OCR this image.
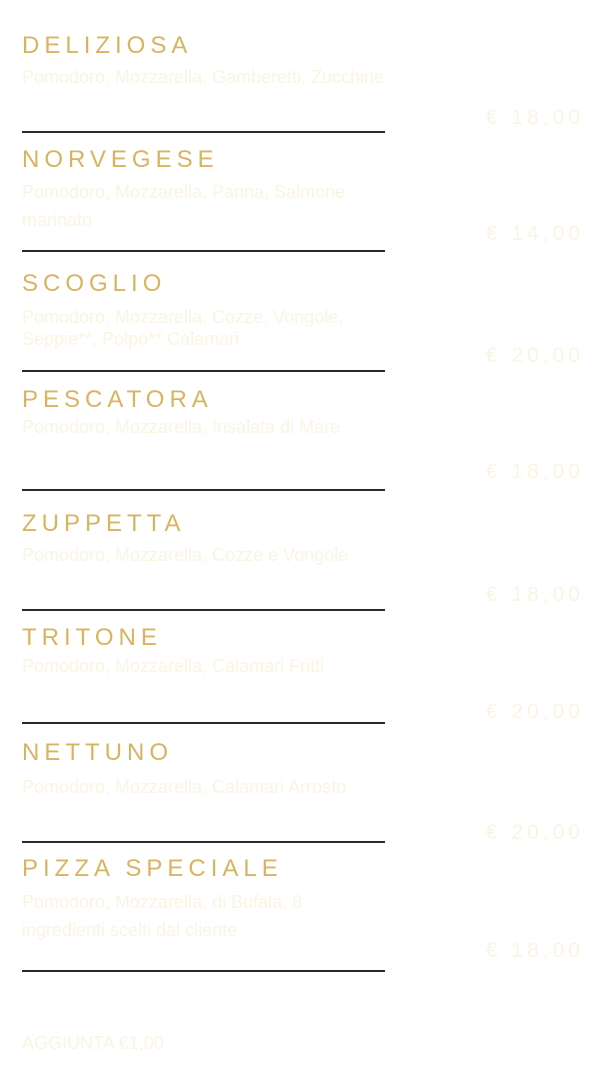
DELIZIOSA
Pomodoro, Mozzarella, Gamberetti, Zucchine
€ 18,00
NORVEGESE
Pomodoro, Mozzarella, Panna, Salmone marinato
€ 14,00
SCOGLIO
Pomodoro, Mozzarella, Cozze, Vongole, Seppie**, Polpo** Calamari
€ 20,00
PESCATORA
Pomodoro, Mozzarella, Insalata di Mare
€ 18,00
ZUPPETTA
Pomodoro, Mozzarella, Cozze e Vongole
€ 18,00
TRITONE
Pomodoro, Mozzarella, Calamari Fritti
€ 20,00
NETTUNO
Pomodoro, Mozzarella, Calamari Arrosto
€ 20,00
PIZZA SPECIALE
Pomodoro, Mozzarella, di Bufala, 8 ingredienti scelti dal cliente
€ 18,00
AGGIUNTA €1,00
